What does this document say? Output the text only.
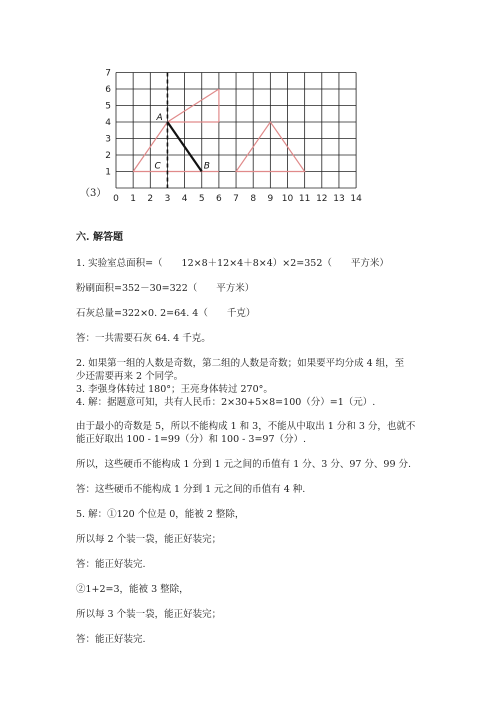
0 1 2 3 4 5 6 7 8 9 10 11 12 13 14
1
2
3
4
5
6
7
A
B
C
（3）
六. 解答题
1. 实验室总面积=（　　12×8＋12×4＋8×4）×2=352（　　平方米）
粉刷面积=352－30=322（　　平方米）
石灰总量=322×0. 2=64. 4（　　千克）
答：一共需要石灰 64. 4 千克。
2. 如果第一组的人数是奇数，第二组的人数是奇数；如果要平均分成 4 组，至
少还需要再来 2 个同学。
3. 李强身体转过 180°；王亮身体转过 270°。
4. 解：据题意可知，共有人民币：2×30+5×8=100（分）=1（元）.
由于最小的奇数是 5，所以不能构成 1 和 3，不能从中取出 1 分和 3 分，也就不
能正好取出 100 - 1=99（分）和 100 - 3=97（分）.
所以，这些硬币不能构成 1 分到 1 元之间的币值有 1 分、3 分、97 分、99 分.
答：这些硬币不能构成 1 分到 1 元之间的币值有 4 种.
5. 解：①120 个位是 0，能被 2 整除，
所以每 2 个装一袋，能正好装完；
答：能正好装完.
②1+2=3，能被 3 整除，
所以每 3 个装一袋，能正好装完；
答：能正好装完.
